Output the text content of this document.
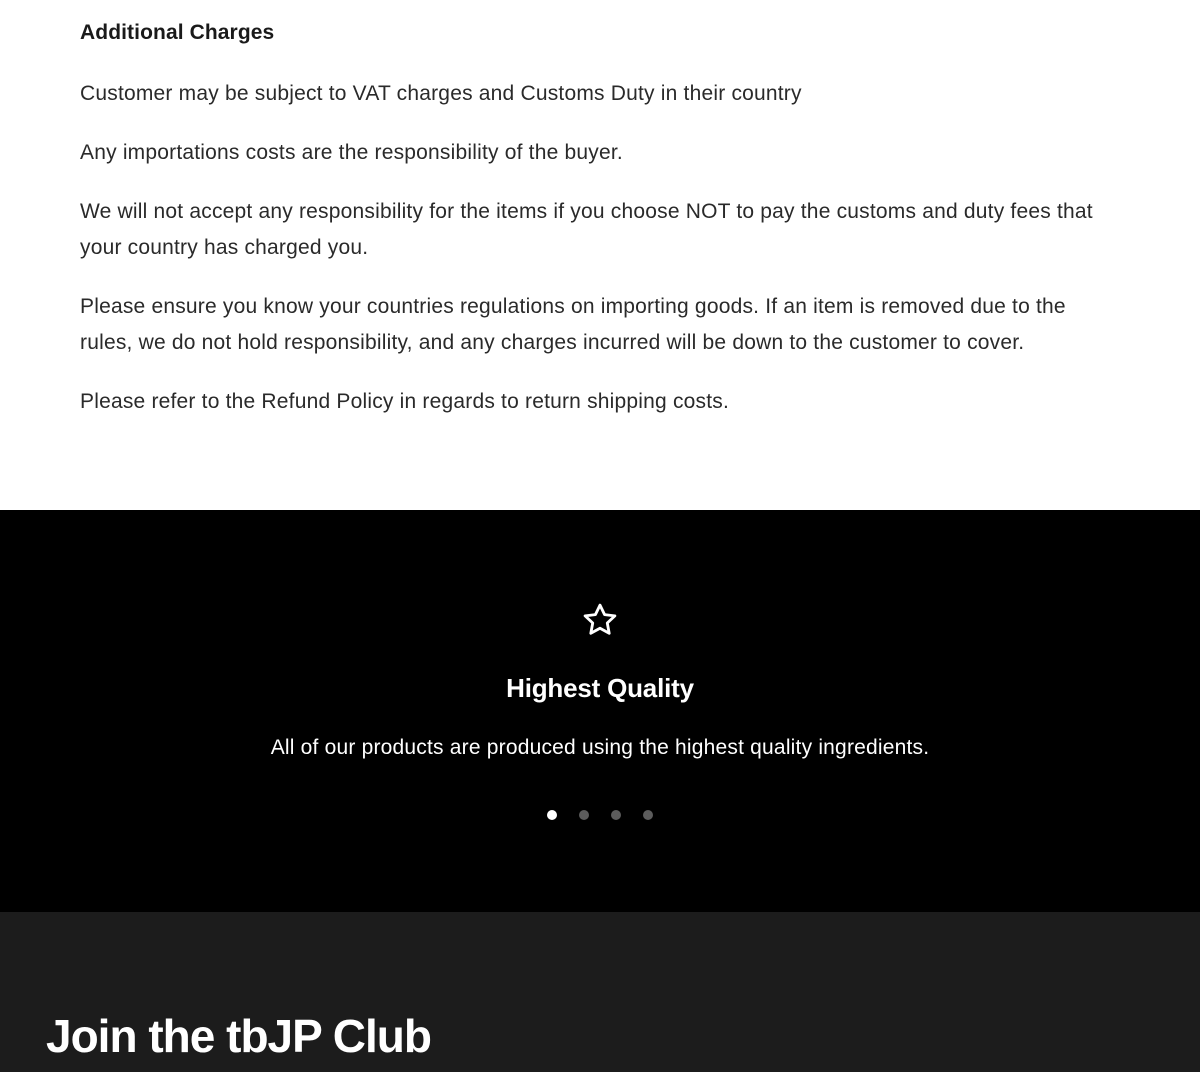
Additional Charges

Customer may be subject to VAT charges and Customs Duty in their country

Any importations costs are the responsibility of the buyer.

We will not accept any responsibility for the items if you choose NOT to pay the customs and duty fees that your country has charged you.

Please ensure you know your countries regulations on importing goods. If an item is removed due to the rules, we do not hold responsibility, and any charges incurred will be down to the customer to cover.

Please refer to the Refund Policy in regards to return shipping costs.

Highest Quality
All of our products are produced using the highest quality ingredients.
Join the tbJP Club
